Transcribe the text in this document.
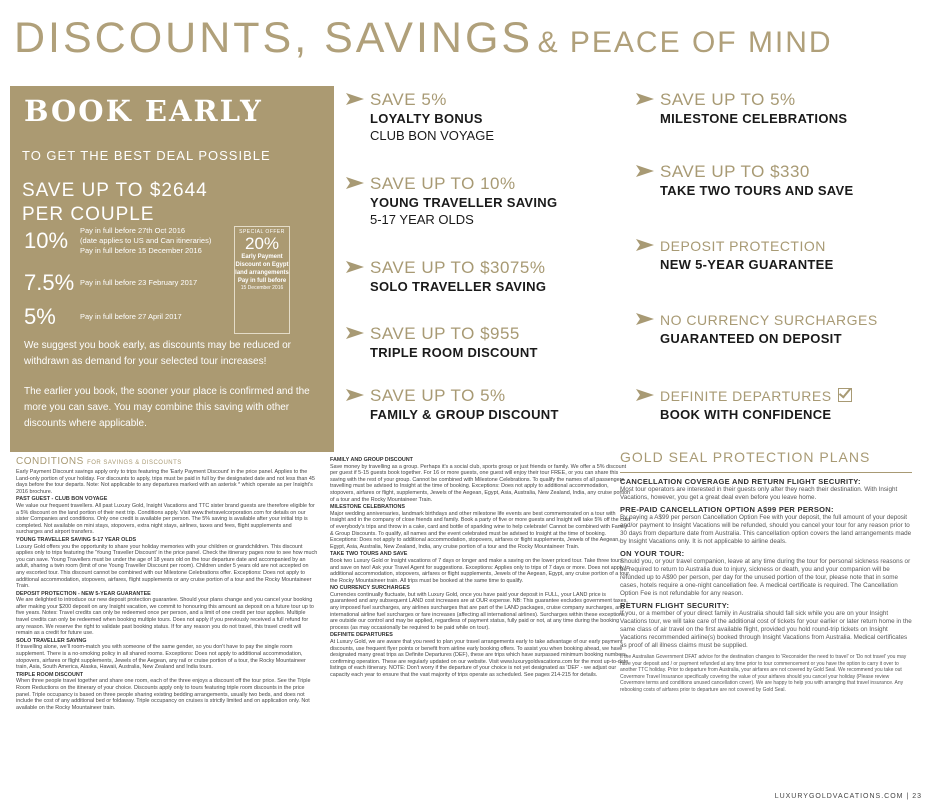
DISCOUNTS, SAVINGS & PEACE OF MIND
BOOK EARLY
TO GET THE BEST DEAL POSSIBLE
SAVE UP TO $2644
PER COUPLE
10%	Pay in full before 27th Oct 2016
(date applies to US and Can itineraries)
Pay in full before 15 December 2016
7.5% Pay in full before 23 February 2017
5%	Pay in full before 27 April 2017
SPECIAL OFFER
20%
Early Payment Discount on Egypt land arrangements Pay in full before
15 December 2016
We suggest you book early, as discounts may be reduced or withdrawn as demand for your selected tour increases!
The earlier you book, the sooner your place is confirmed and the more you can save. You may combine this saving with other discounts where applicable.
SAVE 5%
LOYALTY BONUS
CLUB BON VOYAGE
SAVE UP TO 10%
YOUNG TRAVELLER SAVING
5-17 YEAR OLDS
SAVE UP TO $3075%
SOLO TRAVELLER SAVING
SAVE UP TO $955
TRIPLE ROOM DISCOUNT
SAVE UP TO 5%
FAMILY & GROUP DISCOUNT
SAVE UP TO 5%
MILESTONE CELEBRATIONS
SAVE UP TO $330
TAKE TWO TOURS AND SAVE
DEPOSIT PROTECTION
NEW 5-YEAR GUARANTEE
NO CURRENCY SURCHARGES
GUARANTEED ON DEPOSIT
DEFINITE DEPARTURES
BOOK WITH CONFIDENCE
CONDITIONS FOR SAVINGS & DISCOUNTS
Early Payment Discount savings apply only to trips featuring the 'Early Payment Discount' in the price panel. Applies to the Land-only portion of your holiday. For discounts to apply, trips must be paid in full by the designated date and not less than 45 days before the tour departs. Note: Not applicable to any departures marked with an asterisk * which operate as per Insight's 2016 brochure.
PAST GUEST - CLUB BON VOYAGE
We value our frequent travellers. All past Luxury Gold, Insight Vacations and TTC sister brand guests are therefore eligible for a 5% discount on the land portion of their next trip. Conditions apply. Visit www.thetravelcorporation.com for details on our sister Companies and conditions. Only one credit is available per person. The 5% saving is available after your initial trip is completed. Not available on mini stays, stopovers, extra night stays, airlines, taxes and fees, flight supplements and surcharges and airport transfers.
YOUNG TRAVELLER SAVING 5-17 YEAR OLDS
Luxury Gold offers you the opportunity to share your holiday memories with your children or grandchildren. This discount applies only to trips featuring the 'Young Traveller Discount' in the price panel. Check the itinerary pages now to see how much you can save. Young Travellers must be under the age of 18 years old on the tour departure date and accompanied by an adult, sharing a twin room (limit of one Young Traveller Discount per room). Children under 5 years old are not accepted on any escorted tour. This discount cannot be combined with our Milestone Celebrations offer. Exceptions: Does not apply to additional accommodation, stopovers, airfares, flight supplements or any cruise portion of a tour and the Rocky Mountaineer Train.
DEPOSIT PROTECTION - NEW 5-YEAR GUARANTEE
We are delighted to introduce our new deposit protection guarantee. Should your plans change and you cancel your booking after making your $200 deposit on any Insight vacation, we commit to honouring this amount as deposit on a future tour up to five years. Notes: Travel credits can only be redeemed once per person, and a limit of one credit per tour applies. Multiple travel credits can only be redeemed when booking multiple tours. Does not apply if you previously received a full refund for any reason. We reserve the right to validate past booking status. If for any reason you do not travel, this travel credit will remain as a credit for future use.
SOLO TRAVELLER SAVING
If travelling alone, we'll room-match you with someone of the same gender, so you don't have to pay the single room supplement. There is a no-smoking policy in all shared rooms. Exceptions: Does not apply to additional accommodation, stopovers, airfares or flight supplements, Jewels of the Aegean, any rail or cruise portion of a tour, the Rocky Mountaineer train, Asia, South America, Alaska, Hawaii, Australia, New Zealand and India tours.
TRIPLE ROOM DISCOUNT
When three people travel together and share one room, each of the three enjoys a discount off the tour price. See the Triple Room Reductions on the itinerary of your choice. Discounts apply only to tours featuring triple room discounts in the price panel. Triple occupancy is based on three people sharing existing bedding arrangements, usually two beds, and does not include the cost of any additional bed or foldaway. Triple occupancy on cruises is strictly limited and on application only. Not available on the Rocky Mountaineer train.
FAMILY AND GROUP DISCOUNT
Save money by travelling as a group. Perhaps it's a social club, sports group or just friends or family. We offer a 5% discount per guest if 5-15 guests book together. For 16 or more guests, one guest will enjoy their tour FREE, or you can share this saving with the rest of your group. Cannot be combined with Milestone Celebrations. To qualify the names of all passengers travelling must be advised to Insight at the time of booking. Exceptions: Does not apply to additional accommodation, stopovers, airfares or flight, supplements, Jewels of the Aegean, Egypt, Asia, Australia, New Zealand, India, any cruise portion of a tour and the Rocky Mountaineer Train.
MILESTONE CELEBRATIONS
Major wedding anniversaries, landmark birthdays and other milestone life events are best commemorated on a tour with Insight and in the company of close friends and family. Book a party of five or more guests and Insight will take 5% off the cost of everybody's trips and throw in a cake, card and bottle of sparkling wine to help celebrate! Cannot be combined with Family & Group Discounts. To qualify, all names and the event celebrated must be advised to Insight at the time of booking. Exceptions: Does not apply to additional accommodation, stopovers, airfares or flight supplements, Jewels of the Aegean, Egypt, Asia, Australia, New Zealand, India, any cruise portion of a tour and the Rocky Mountaineer Train.
TAKE TWO TOURS AND SAVE
Book two Luxury Gold or Insight vacations of 7 days or longer and make a saving on the lower priced tour. Take three tours and save on two! Ask your Travel Agent for suggestions. Exceptions: Applies only to trips of 7 days or more. Does not apply to additional accommodation, stopovers, airfares or flight supplements, Jewels of the Aegean, Egypt, any cruise portion of a tour, the Rocky Mountaineer train. All trips must be booked at the same time to qualify.
NO CURRENCY SURCHARGES
Currencies continually fluctuate, but with Luxury Gold, once you have paid your deposit in FULL, your LAND price is guaranteed and any subsequent LAND cost increases are at OUR expense. NB: This guarantee excludes government taxes, any imposed fuel surcharges, any airlines surcharges that are part of the LAND packages, cruise company surcharges, and international airline fuel surcharges or fare increases (affecting all international airlines). Surcharges within these exceptions are outside our control and may be applied, regardless of payment status, fully paid or not, at any time during the booking process (as may occasionally be required to be paid while on tour).
DEFINITE DEPARTURES
At Luxury Gold, we are aware that you need to plan your travel arrangements early to take advantage of our early payment discounts, use frequent flyer points or benefit from airline early booking offers. To assist you when booking ahead, we have designated many great trips as Definite Departures (DEF), these are trips which have surpassed minimum booking numbers, confirming operation. These are regularly updated on our website. Visit www.luxurygoldvacations.com for the most up-to-date listings of each itinerary. NOTE: Don't worry if the departure of your choice is not yet designated as 'DEF' - we adjust our capacity each year to ensure that the vast majority of trips operate as scheduled. See pages 214-215 for details.
GOLD SEAL PROTECTION PLANS
CANCELLATION COVERAGE AND RETURN FLIGHT SECURITY:
Most tour operators are interested in their guests only after they reach their destination. With Insight Vacations, however, you get a great deal even before you leave home.
PRE-PAID CANCELLATION OPTION A$99 PER PERSON:
By paying a A$99 per person Cancellation Option Fee with your deposit, the full amount of your deposit and/or payment to Insight Vacations will be refunded, should you cancel your tour for any reason prior to 30 days from departure date from Australia. This cancellation option covers the land arrangements made by Insight Vacations only. It is not applicable to airline deals.
ON YOUR TOUR:
Should you, or your travel companion, leave at any time during the tour for personal sickness reasons or be required to return to Australia due to injury, sickness or death, you and your companion will be refunded up to A$90 per person, per day for the unused portion of the tour, please note that in some cases, hotels require a one-night cancellation fee. A medical certificate is required. The Cancellation Option Fee is not refundable for any reason.
RETURN FLIGHT SECURITY:
If you, or a member of your direct family in Australia should fall sick while you are on your Insight Vacations tour, we will take care of the additional cost of tickets for your earlier or later return home in the same class of air travel on the first available flight, provided you hold round-trip tickets on Insight Vacations recommended airline(s) booked through Insight Vacations from Australia. Medical certificates as proof of all illness claims must be supplied.
If the Australian Government DFAT advice for the destination changes to 'Reconsider the need to travel' or 'Do not travel' you may have your deposit and / or payment refunded at any time prior to tour commencement or you have the option to carry it over to another TTC holiday. Prior to departure from Australia, your airfares are not covered by Gold Seal. We recommend you take out Covermore Travel Insurance specifically covering the value of your airfares should you cancel your holiday (Please review Covermore terms and conditions unused cancellation cover). We are happy to help you with arranging that travel insurance. Any rebooking costs of airfares prior to departure are not covered by Gold Seal.
LUXURYGOLDVACATIONS.COM | 23
